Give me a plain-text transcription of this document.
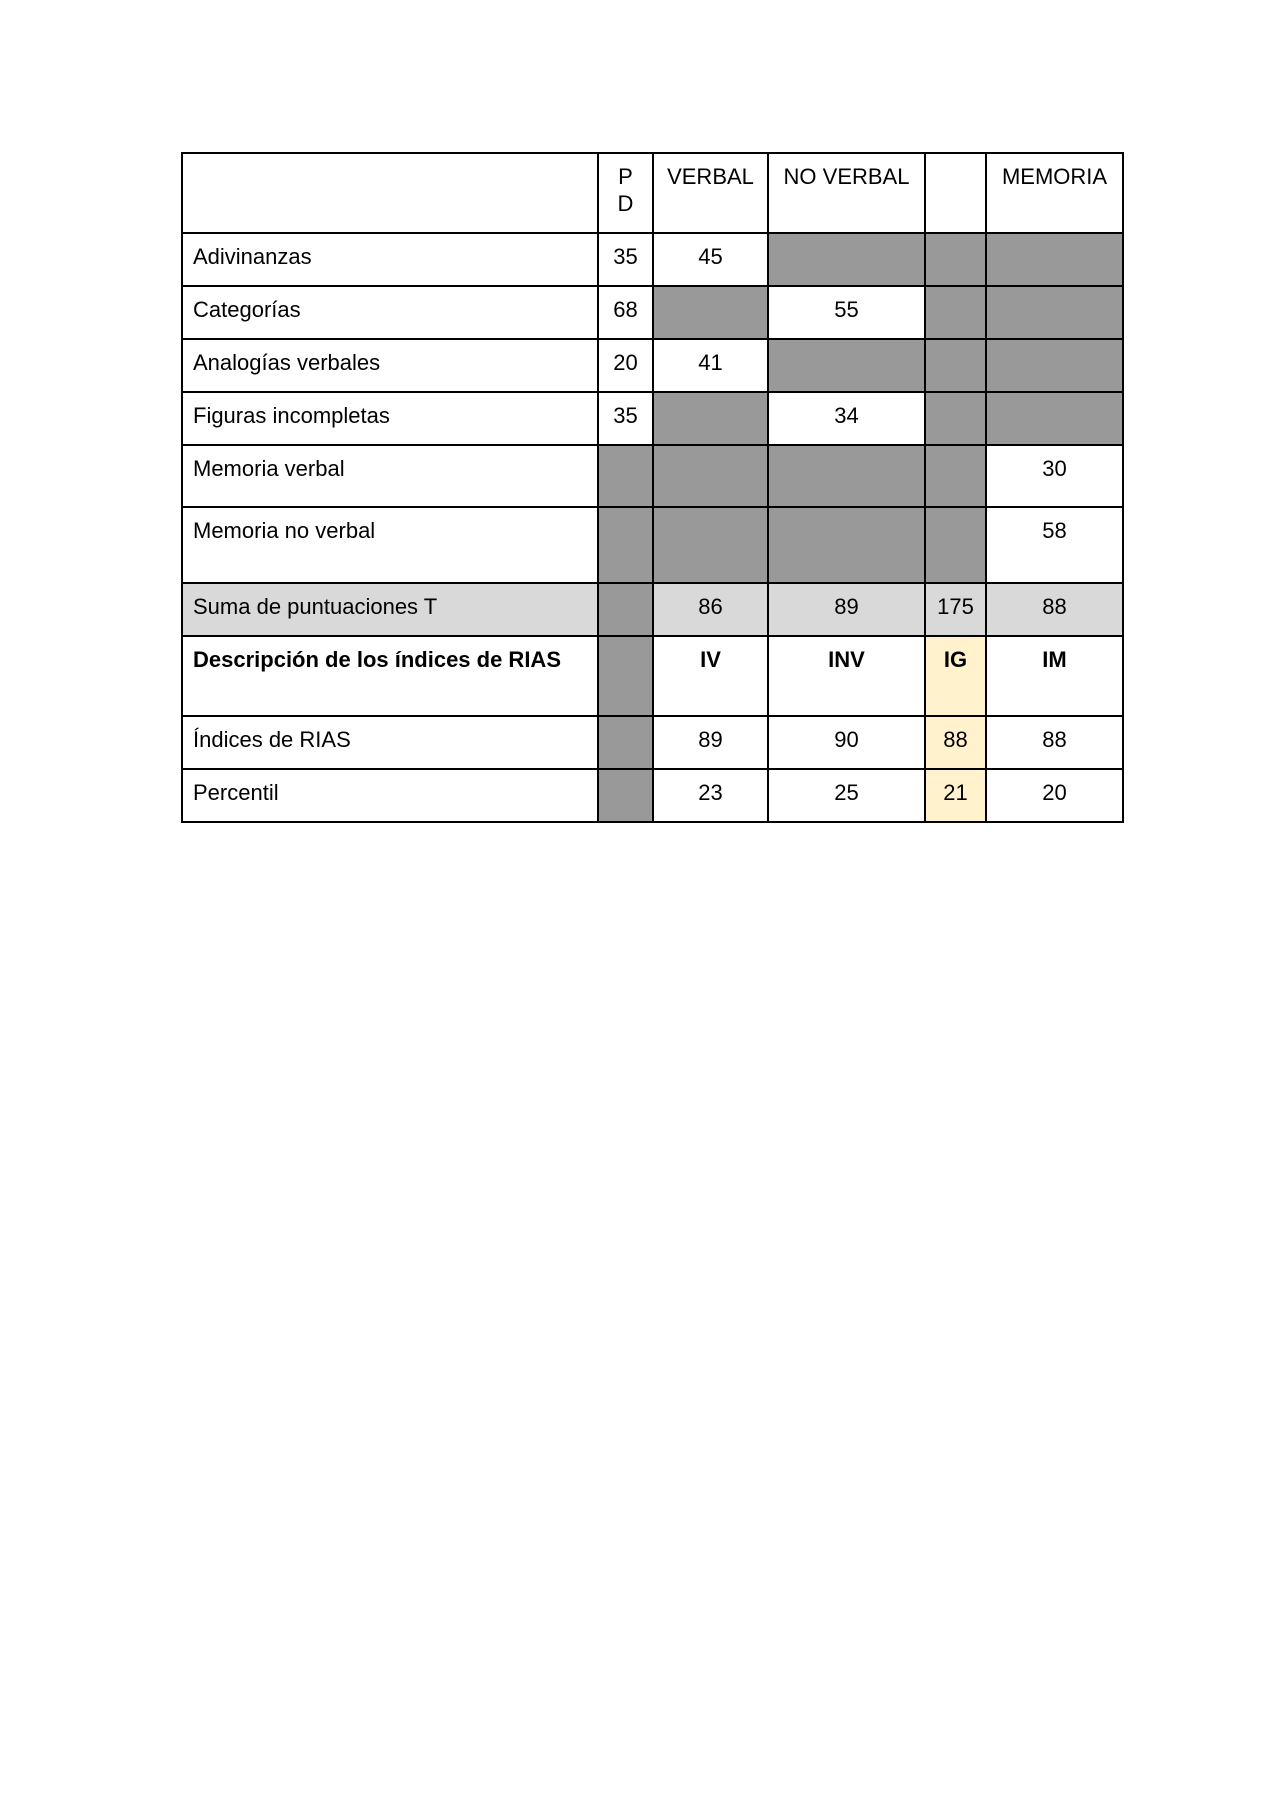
	P D	VERBAL	NO VERBAL		MEMORIA
Adivinanzas	35	45			
Categorías	68		55		
Analogías verbales	20	41			
Figuras incompletas	35		34		
Memoria verbal					30
Memoria no verbal					58
Suma de puntuaciones T		86	89	175	88
Descripción de los índices de RIAS		IV	INV	IG	IM
Índices de RIAS		89	90	88	88
Percentil		23	25	21	20
